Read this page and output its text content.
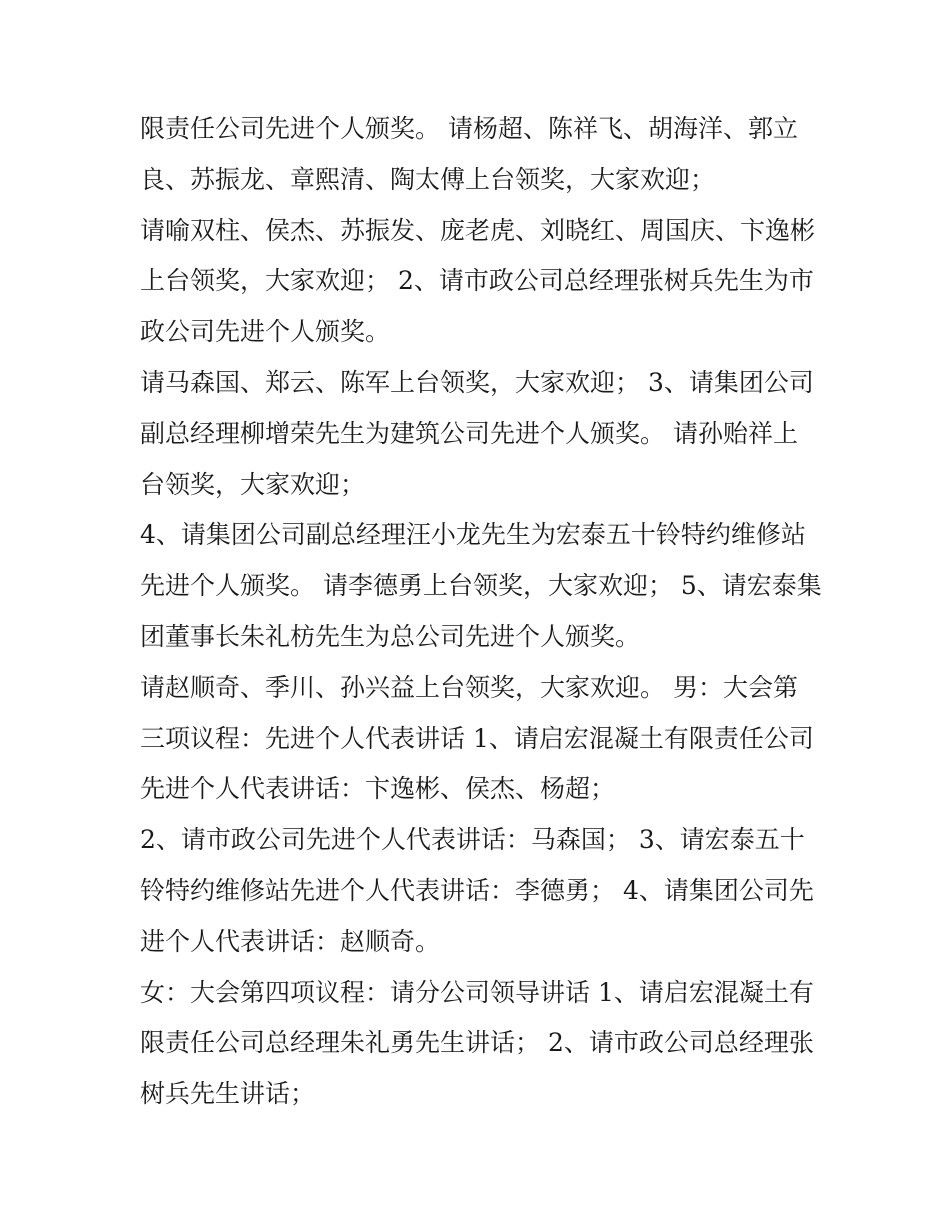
限责任公司先进个人颁奖。 请杨超、陈祥飞、胡海洋、郭立
良、苏振龙、章熙清、陶太傅上台领奖，大家欢迎；
请喻双柱、侯杰、苏振发、庞老虎、刘晓红、周国庆、卞逸彬
上台领奖，大家欢迎； 2、请市政公司总经理张树兵先生为市
政公司先进个人颁奖。
请马森国、郑云、陈军上台领奖，大家欢迎； 3、请集团公司
副总经理柳增荣先生为建筑公司先进个人颁奖。 请孙贻祥上
台领奖，大家欢迎；
4、请集团公司副总经理汪小龙先生为宏泰五十铃特约维修站
先进个人颁奖。 请李德勇上台领奖，大家欢迎； 5、请宏泰集
团董事长朱礼枋先生为总公司先进个人颁奖。
请赵顺奇、季川、孙兴益上台领奖，大家欢迎。 男：大会第
三项议程：先进个人代表讲话 1、请启宏混凝土有限责任公司
先进个人代表讲话：卞逸彬、侯杰、杨超；
2、请市政公司先进个人代表讲话：马森国； 3、请宏泰五十
铃特约维修站先进个人代表讲话：李德勇； 4、请集团公司先
进个人代表讲话：赵顺奇。
女：大会第四项议程：请分公司领导讲话 1、请启宏混凝土有
限责任公司总经理朱礼勇先生讲话； 2、请市政公司总经理张
树兵先生讲话；
